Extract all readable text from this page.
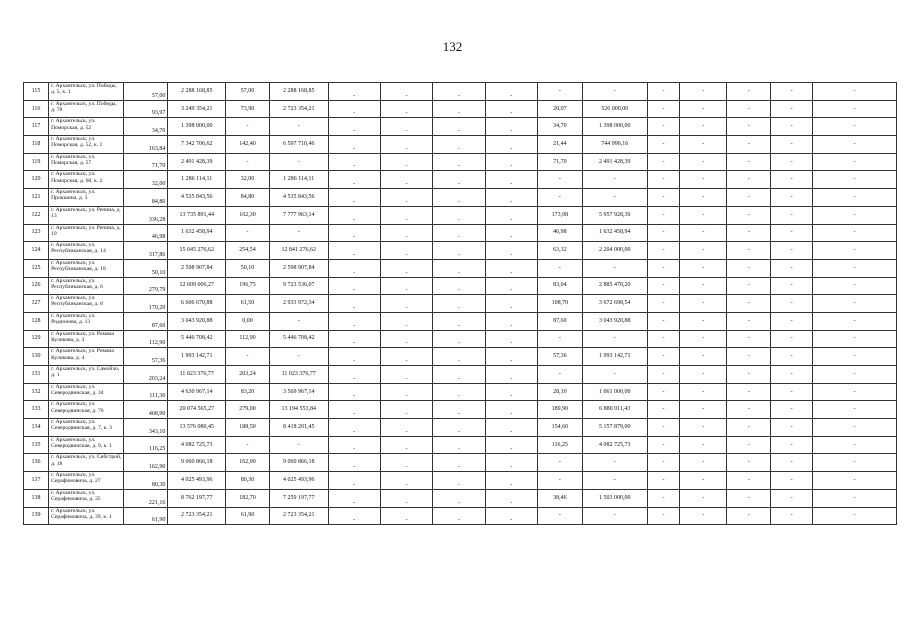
132
115	г. Архангельск, ул. Победы, д. 5, к. 1	57,00	2 288 168,85	57,00	2 288 168,85	-	-	-	-	-	-	-	-	-	-	-
116	г. Архангельск, ул. Победы, д. 78	93,97	3 249 354,21	73,90	2 723 354,21	-	-	-	-	20,07	526 000,00	-	-	-	-	-
117	г. Архангельск, ул. Поморская, д. 52	34,70	1 398 000,00	-	-	-	-	-	-	34,70	1 398 000,00	-	-	-	-	-
118	г. Архангельск, ул. Поморская, д. 52, к. 1	163,84	7 342 706,62	142,40	6 597 710,46	-	-	-	-	21,44	744 996,16	-	-	-	-	-
119	г. Архангельск, ул. Поморская, д. 57	71,70	2 491 428,39	-	-	-	-	-	-	71,70	2 491 428,39	-	-	-	-	-
120	г. Архангельск, ул. Поморская, д. 68, к. 2	32,00	1 286 114,11	32,00	1 286 114,11	-	-	-	-	-	-	-	-	-	-	-
121	г. Архангельск, ул. Прокшина, д. 3	84,80	4 535 843,56	84,80	4 535 843,56	-	-	-	-	-	-	-	-	-	-	-
122	г. Архангельск, ул. Репина, д. 13	336,28	13 735 891,44	162,30	7 777 963,14	-	-	-	-	173,98	5 957 928,30	-	-	-	-	-
123	г. Архангельск, ул. Репина, д. 19	46,98	1 632 458,94	-	-	-	-	-	-	46,98	1 632 458,94	-	-	-	-	-
124	г. Архангельск, ул. Республиканская, д. 14	317,86	15 045 276,62	254,54	12 841 276,62	-	-	-	-	63,32	2 204 000,00	-	-	-	-	-
125	г. Архангельск, ул. Республиканская, д. 18	50,10	2 598 907,84	50,10	2 598 907,84	-	-	-	-	-	-	-	-	-	-	-
126	г. Архангельск, ул. Республиканская, д. 6	279,79	12 609 006,27	196,75	9 723 536,07	-	-	-	-	83,04	2 885 470,20	-	-	-	-	-
127	г. Архангельск, ул. Республиканская, д. 8	170,20	6 606 670,88	61,50	2 933 972,34	-	-	-	-	108,70	3 672 698,54	-	-	-	-	-
128	г. Архангельск, ул. Родионова, д. 13	87,60	3 043 920,88	0,00	-	-	-	-	-	87,60	3 043 920,88	-	-	-	-	-
129	г. Архангельск, ул. Романа Куликова, д. 3	112,90	5 446 708,42	112,90	5 446 708,42	-	-	-	-	-	-	-	-	-	-	-
130	г. Архангельск, ул. Романа Куликова, д. 4	57,36	1 993 142,71	-	-	-	-	-	-	57,36	1 993 142,71	-	-	-	-	-
131	г. Архангельск, ул. Самойло, д. 1	203,24	11 023 376,77	203,24	11 023 376,77	-	-	-	-	-	-	-	-	-	-	-
132	г. Архангельск, ул. Северодвинская, д. 34	111,30	4 630 967,14	83,20	3 569 967,14	-	-	-	-	28,10	1 061 000,00	-	-	-	-	-
133	г. Архангельск, ул. Северодвинская, д. 76	468,90	20 074 565,27	279,00	13 194 553,84	-	-	-	-	189,90	6 880 011,43	-	-	-	-	-
134	г. Архангельск, ул. Северодвинская, д. 7, к. 3	343,10	13 576 080,45	188,50	8 418 201,45	-	-	-	-	154,60	5 157 879,00	-	-	-	-	-
135	г. Архангельск, ул. Северодвинская, д. 9, к. 1	116,25	4 082 725,73	-	-	-	-	-	-	116,25	4 082 725,73	-	-	-	-	-
136	г. Архангельск, ул. Сибстрой, д. 18	162,90	9 060 866,18	162,90	9 060 866,18	-	-	-	-	-	-	-	-	-	-	-
137	г. Архангельск, ул. Серафимовича, д. 27	80,30	4 025 493,96	80,30	4 025 493,96	-	-	-	-	-	-	-	-	-	-	-
138	г. Архангельск, ул. Серафимовича, д. 35	221,16	8 762 197,77	182,70	7 259 197,77	-	-	-	-	38,46	1 503 000,00	-	-	-	-	-
139	г. Архангельск, ул. Серафимовича, д. 39, к. 1	61,90	2 723 354,21	61,90	2 723 354,21	-	-	-	-	-	-	-	-	-	-	-
